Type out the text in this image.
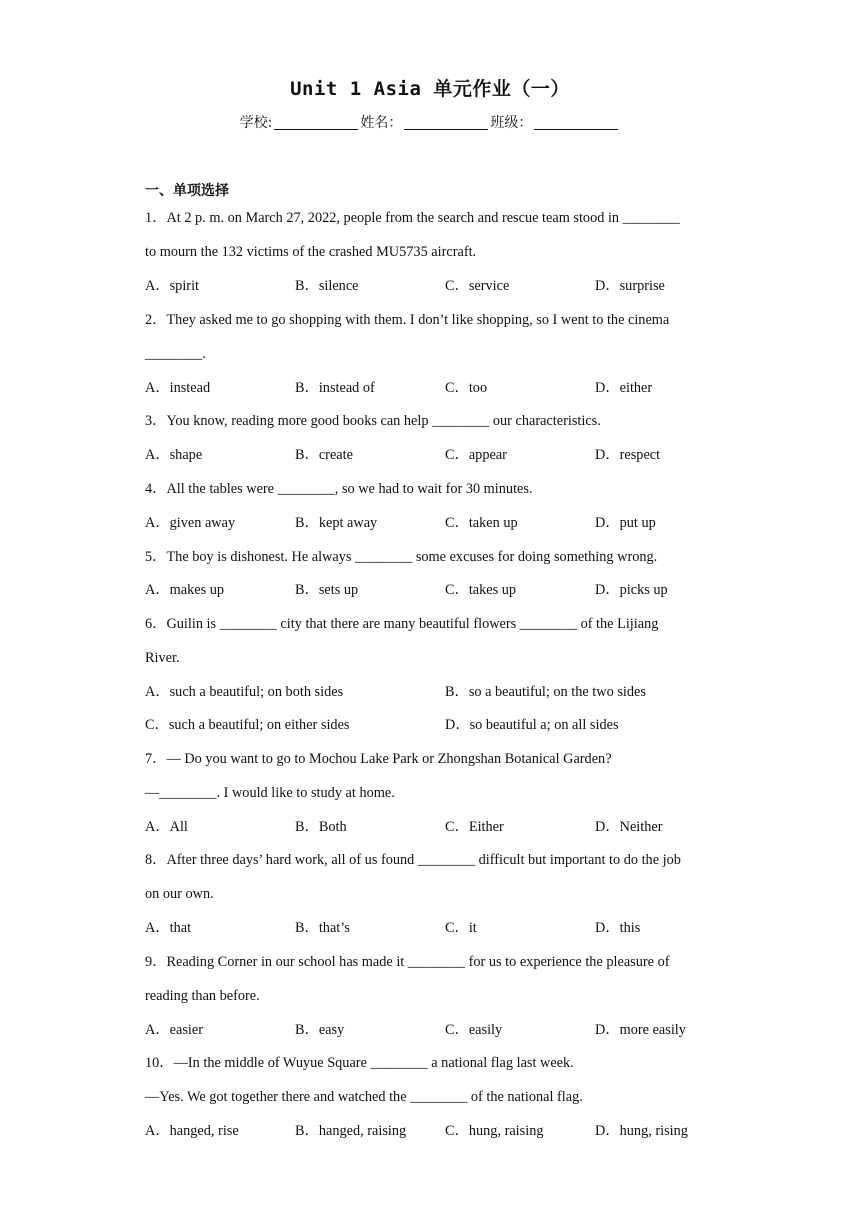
Unit 1 Asia 单元作业（一）
学校:	姓名：	班级：
一、单项选择
1．At 2 p. m. on March 27, 2022, people from the search and rescue team stood in ________
to mourn the 132 victims of the crashed MU5735 aircraft.
A．spirit	B．silence	C．service	D．surprise
2．They asked me to go shopping with them. I don’t like shopping, so I went to the cinema
________.
A．instead	B．instead of	C．too	D．either
3．You know, reading more good books can help ________ our characteristics.
A．shape	B．create	C．appear	D．respect
4．All the tables were ________, so we had to wait for 30 minutes.
A．given away	B．kept away	C．taken up	D．put up
5．The boy is dishonest. He always ________ some excuses for doing something wrong.
A．makes up	B．sets up	C．takes up	D．picks up
6．Guilin is ________ city that there are many beautiful flowers ________ of the Lijiang
River.
A．such a beautiful; on both sides	B．so a beautiful; on the two sides
C．such a beautiful; on either sides	D．so beautiful a; on all sides
7．— Do you want to go to Mochou Lake Park or Zhongshan Botanical Garden?
—________. I would like to study at home.
A．All	B．Both	C．Either	D．Neither
8．After three days’ hard work, all of us found ________ difficult but important to do the job
on our own.
A．that	B．that’s	C．it	D．this
9．Reading Corner in our school has made it ________ for us to experience the pleasure of
reading than before.
A．easier	B．easy	C．easily	D．more easily
10．—In the middle of Wuyue Square ________ a national flag last week.
—Yes. We got together there and watched the ________ of the national flag.
A．hanged, rise	B．hanged, raising	C．hung, raising	D．hung, rising
